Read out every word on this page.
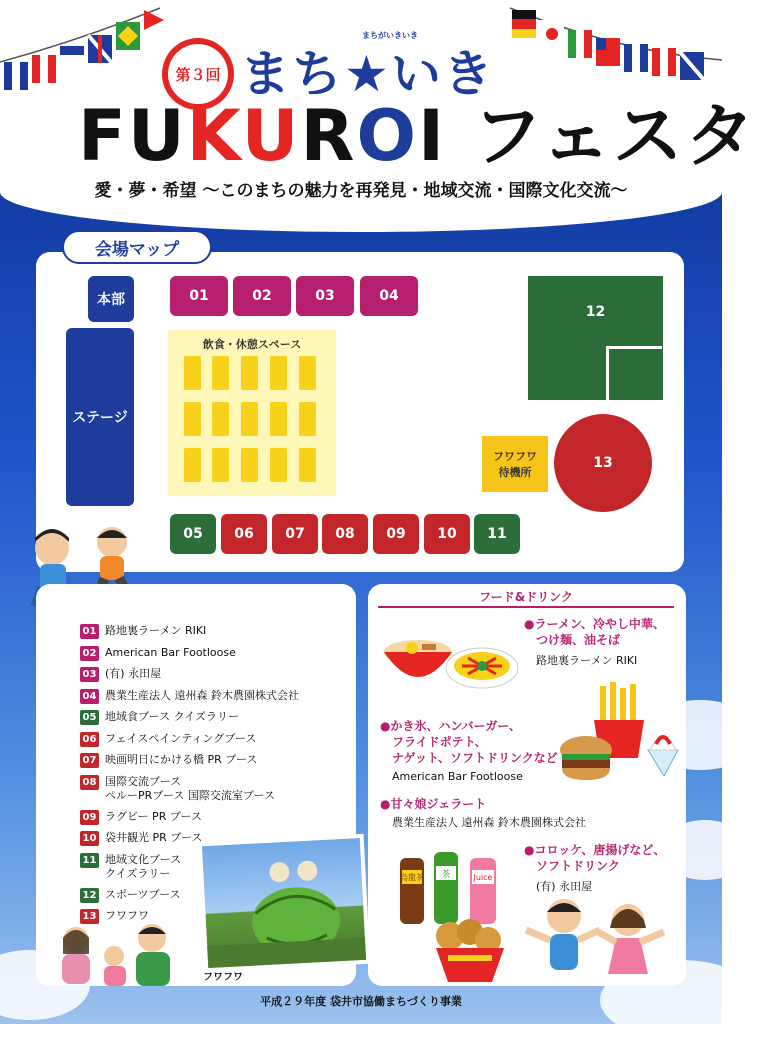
第３回
まちがいきいき
まち★いき
FUKUROI フェスタ
愛・夢・希望 ～このまちの魅力を再発見・地域交流・国際文化交流～
会場マップ
本部
ステージ
01	02	03	04
飲食・休憩スペース
12
フワフワ
待機所
13
05	06	07	08	09	10	11
01 路地裏ラーメン RIKI
02 American Bar Footloose
03 (有) 永田屋
04 農業生産法人 遠州森 鈴木農園株式会社
05 地域食ブース クイズラリー
06 フェイスペインティングブース
07 映画明日にかける橋 PR ブース
08 国際交流ブース
ペルーPRブース 国際交流室ブース
09 ラグビー PR ブース
10 袋井観光 PR ブース
11 地域文化ブース
クイズラリー
12 スポーツブース
13 フワフワ
フワフワ
フード&ドリンク
●ラーメン、冷やし中華、
　つけ麺、油そば
路地裏ラーメン RIKI
●かき氷、ハンバーガー、
　フライドポテト、
　ナゲット、ソフトドリンクなど
American Bar Footloose
●甘々娘ジェラート
農業生産法人 遠州森 鈴木農園株式会社
●コロッケ、唐揚げなど、
　ソフトドリンク
(有) 永田屋
烏龍茶 茶	Juice
平成２９年度 袋井市協働まちづくり事業
